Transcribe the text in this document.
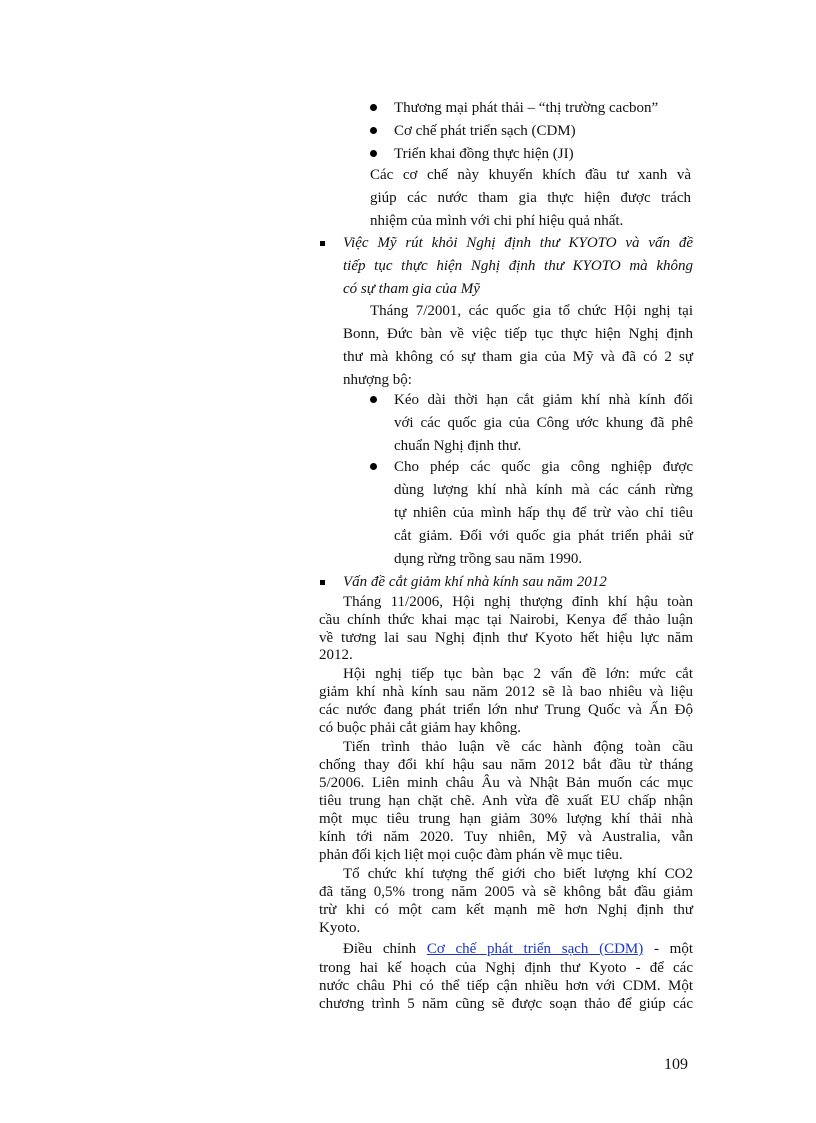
Thương mại phát thải – “thị trường cacbon”
Cơ chế phát triển sạch (CDM)
Triển khai đồng thực hiện (JI)
Các cơ chế này khuyến khích đầu tư xanh và
giúp các nước tham gia thực hiện được trách
nhiệm của mình với chi phí hiệu quả nhất.
Việc Mỹ rút khỏi Nghị định thư KYOTO và vấn đề
tiếp tục thực hiện Nghị định thư KYOTO mà không
có sự tham gia của Mỹ
Tháng 7/2001, các quốc gia tổ chức Hội nghị tại
Bonn, Đức bàn về việc tiếp tục thực hiện Nghị định
thư mà không có sự tham gia của Mỹ và đã có 2 sự
nhượng bộ:
Kéo dài thời hạn cắt giảm khí nhà kính đối
với các quốc gia của Công ước khung đã phê
chuẩn Nghị định thư.
Cho phép các quốc gia công nghiệp được
dùng lượng khí nhà kính mà các cánh rừng
tự nhiên của mình hấp thụ để trừ vào chỉ tiêu
cắt giảm. Đối với quốc gia phát triển phải sử
dụng rừng trồng sau năm 1990.
Vấn đề cắt giảm khí nhà kính sau năm 2012
Tháng 11/2006, Hội nghị thượng đỉnh khí hậu toàn
cầu chính thức khai mạc tại Nairobi, Kenya để thảo luận
về tương lai sau Nghị định thư Kyoto hết hiệu lực năm
2012.
Hội nghị tiếp tục bàn bạc 2 vấn đề lớn: mức cắt
giảm khí nhà kính sau năm 2012 sẽ là bao nhiêu và liệu
các nước đang phát triển lớn như Trung Quốc và Ấn Độ
có buộc phải cắt giảm hay không.
Tiến trình thảo luận về các hành động toàn cầu
chống thay đổi khí hậu sau năm 2012 bắt đầu từ tháng
5/2006. Liên minh châu Âu và Nhật Bản muốn các mục
tiêu trung hạn chặt chẽ. Anh vừa đề xuất EU chấp nhận
một mục tiêu trung hạn giảm 30% lượng khí thải nhà
kính tới năm 2020. Tuy nhiên, Mỹ và Australia, vẫn
phản đối kịch liệt mọi cuộc đàm phán về mục tiêu.
Tổ chức khí tượng thế giới cho biết lượng khí CO2
đã tăng 0,5% trong năm 2005 và sẽ không bắt đầu giảm
trừ khi có một cam kết mạnh mẽ hơn Nghị định thư
Kyoto.
Điều chỉnh Cơ chế phát triển sạch (CDM) - một
trong hai kế hoạch của Nghị định thư Kyoto - để các
nước châu Phi có thể tiếp cận nhiều hơn với CDM. Một
chương trình 5 năm cũng sẽ được soạn thảo để giúp các
109
